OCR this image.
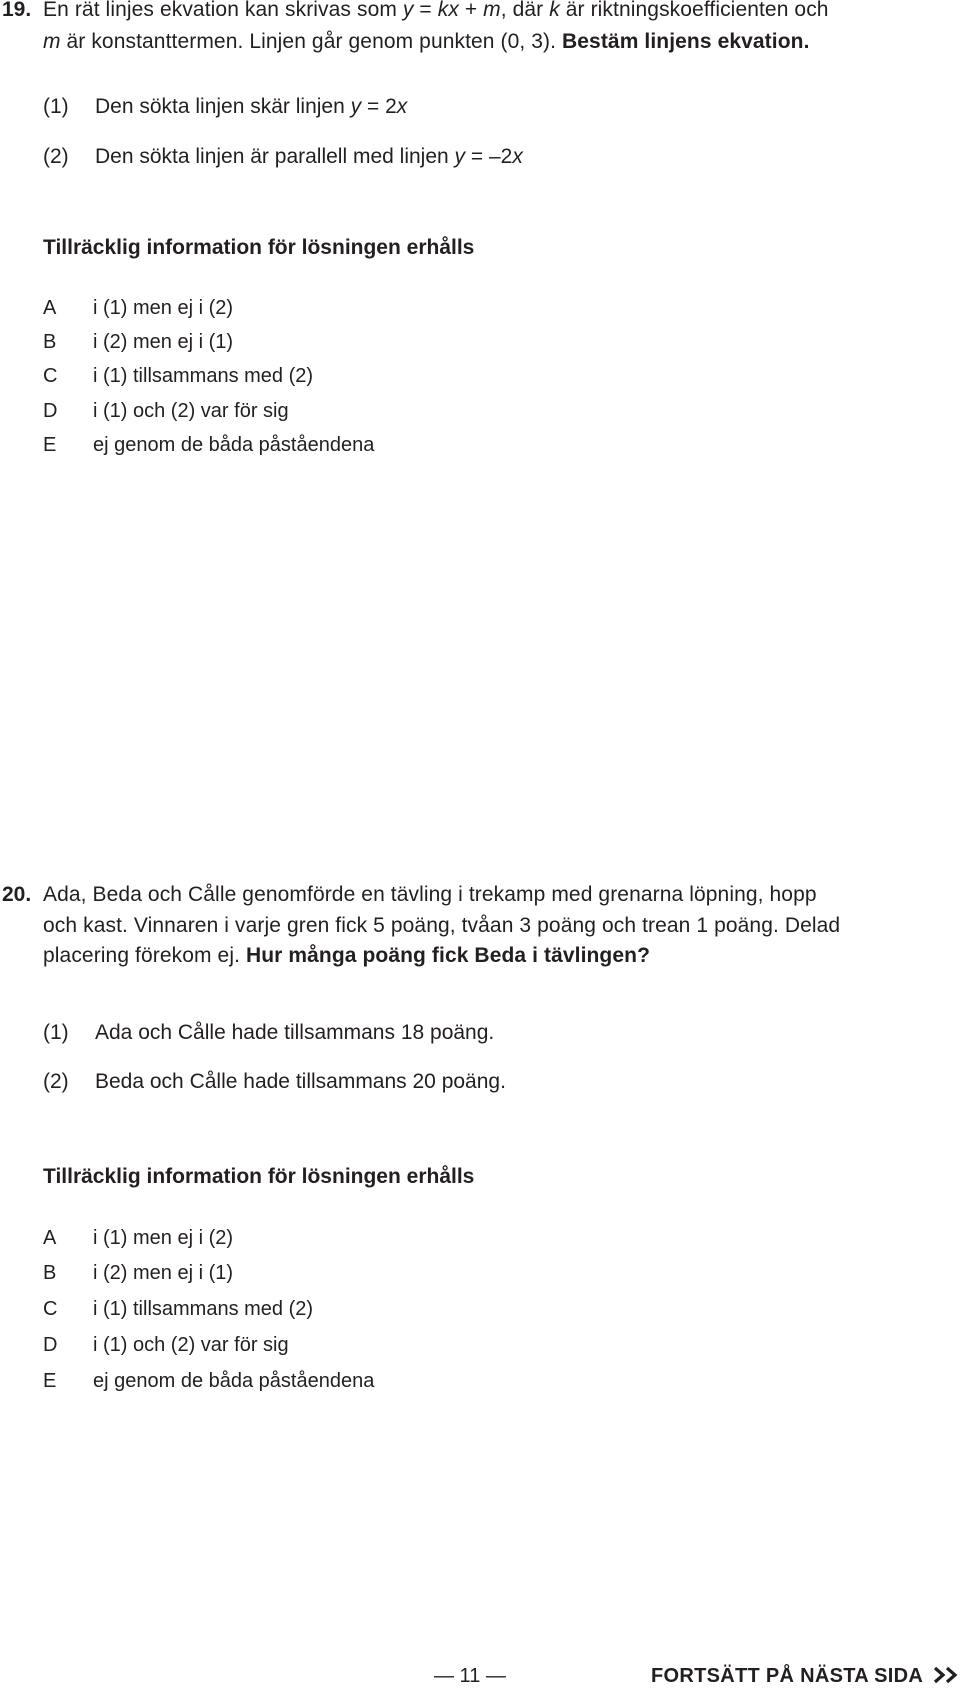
19. En rät linjes ekvation kan skrivas som y = kx + m, där k är riktningskoefficienten och
m är konstanttermen. Linjen går genom punkten (0, 3). Bestäm linjens ekvation.
(1) Den sökta linjen skär linjen y = 2x
(2) Den sökta linjen är parallell med linjen y = –2x
Tillräcklig information för lösningen erhålls
A i (1) men ej i (2)
B i (2) men ej i (1)
C i (1) tillsammans med (2)
D i (1) och (2) var för sig
E ej genom de båda påståendena
20. Ada, Beda och Cålle genomförde en tävling i trekamp med grenarna löpning, hopp
och kast. Vinnaren i varje gren fick 5 poäng, tvåan 3 poäng och trean 1 poäng. Delad
placering förekom ej. Hur många poäng fick Beda i tävlingen?
(1) Ada och Cålle hade tillsammans 18 poäng.
(2) Beda och Cålle hade tillsammans 20 poäng.
Tillräcklig information för lösningen erhålls
A i (1) men ej i (2)
B i (2) men ej i (1)
C i (1) tillsammans med (2)
D i (1) och (2) var för sig
E ej genom de båda påståendena
— 11 —	FORTSÄTT PÅ NÄSTA SIDA
